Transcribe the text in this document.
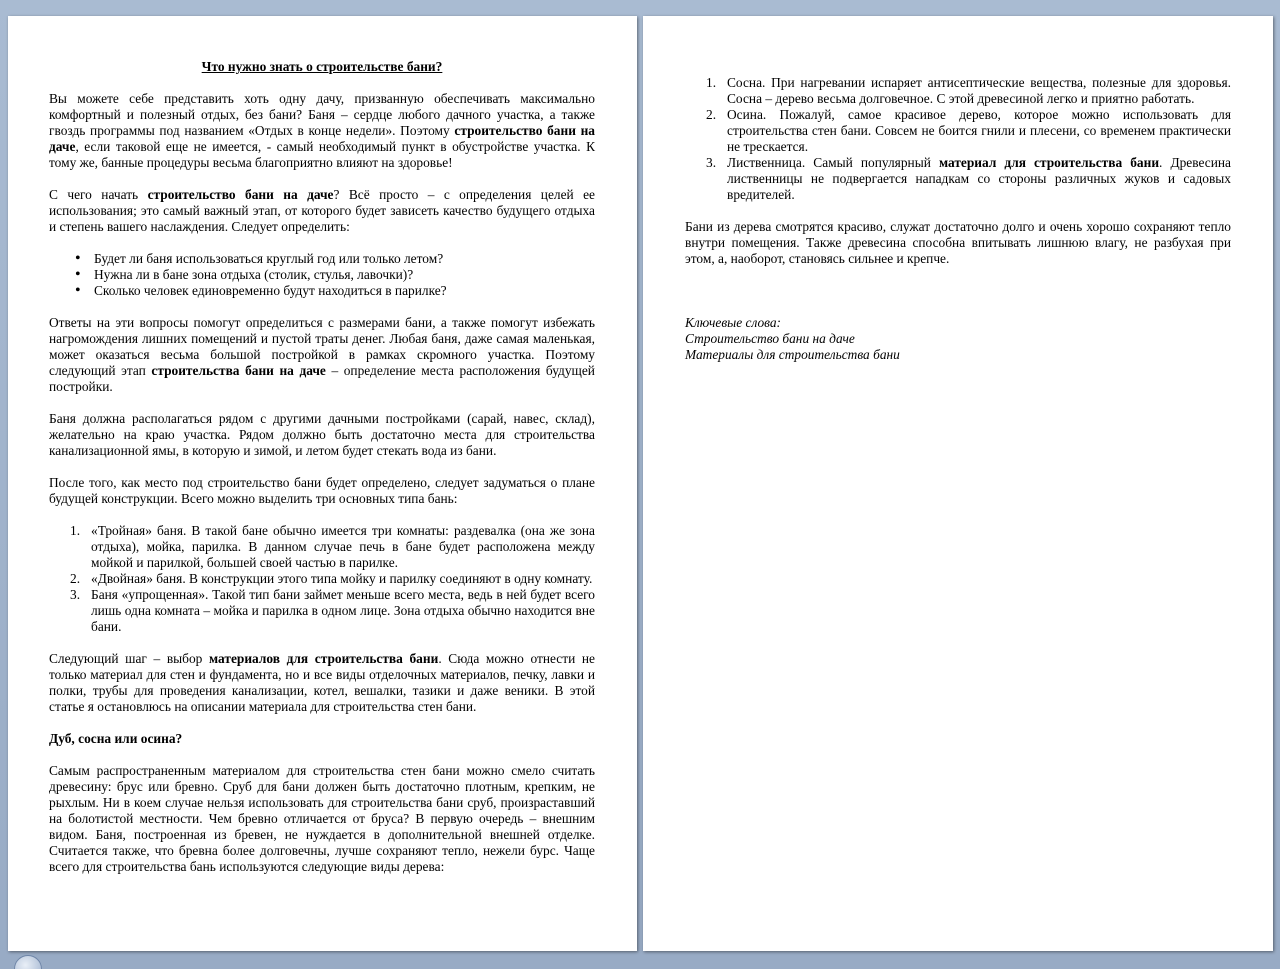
Что нужно знать о строительстве бани?

Вы можете себе представить хоть одну дачу, призванную обеспечивать максимально комфортный и полезный отдых, без бани? Баня – сердце любого дачного участка, а также гвоздь программы под названием «Отдых в конце недели». Поэтому строительство бани на даче, если таковой еще не имеется, - самый необходимый пункт в обустройстве участка. К тому же, банные процедуры весьма благоприятно влияют на здоровье!

С чего начать строительство бани на даче? Всё просто – с определения целей ее использования; это самый важный этап, от которого будет зависеть качество будущего отдыха и степень вашего наслаждения. Следует определить:

• Будет ли баня использоваться круглый год или только летом?
• Нужна ли в бане зона отдыха (столик, стулья, лавочки)?
• Сколько человек единовременно будут находиться в парилке?

Ответы на эти вопросы помогут определиться с размерами бани, а также помогут избежать нагромождения лишних помещений и пустой траты денег. Любая баня, даже самая маленькая, может оказаться весьма большой постройкой в рамках скромного участка. Поэтому следующий этап строительства бани на даче – определение места расположения будущей постройки.

Баня должна располагаться рядом с другими дачными постройками (сарай, навес, склад), желательно на краю участка. Рядом должно быть достаточно места для строительства канализационной ямы, в которую и зимой, и летом будет стекать вода из бани.

После того, как место под строительство бани будет определено, следует задуматься о плане будущей конструкции. Всего можно выделить три основных типа бань:

1. «Тройная» баня. В такой бане обычно имеется три комнаты: раздевалка (она же зона отдыха), мойка, парилка. В данном случае печь в бане будет расположена между мойкой и парилкой, большей своей частью в парилке.
2. «Двойная» баня. В конструкции этого типа мойку и парилку соединяют в одну комнату.
3. Баня «упрощенная». Такой тип бани займет меньше всего места, ведь в ней будет всего лишь одна комната – мойка и парилка в одном лице. Зона отдыха обычно находится вне бани.

Следующий шаг – выбор материалов для строительства бани. Сюда можно отнести не только материал для стен и фундамента, но и все виды отделочных материалов, печку, лавки и полки, трубы для проведения канализации, котел, вешалки, тазики и даже веники. В этой статье я остановлюсь на описании материала для строительства стен бани.

Дуб, сосна или осина?

Самым распространенным материалом для строительства стен бани можно смело считать древесину: брус или бревно. Сруб для бани должен быть достаточно плотным, крепким, не рыхлым. Ни в коем случае нельзя использовать для строительства бани сруб, произраставший на болотистой местности. Чем бревно отличается от бруса? В первую очередь – внешним видом. Баня, построенная из бревен, не нуждается в дополнительной внешней отделке. Считается также, что бревна более долговечны, лучше сохраняют тепло, нежели бурс. Чаще всего для строительства бань используются следующие виды дерева:

1. Сосна. При нагревании испаряет антисептические вещества, полезные для здоровья. Сосна – дерево весьма долговечное. С этой древесиной легко и приятно работать.
2. Осина. Пожалуй, самое красивое дерево, которое можно использовать для строительства стен бани. Совсем не боится гнили и плесени, со временем практически не трескается.
3. Лиственница. Самый популярный материал для строительства бани. Древесина лиственницы не подвергается нападкам со стороны различных жуков и садовых вредителей.

Бани из дерева смотрятся красиво, служат достаточно долго и очень хорошо сохраняют тепло внутри помещения. Также древесина способна впитывать лишнюю влагу, не разбухая при этом, а, наоборот, становясь сильнее и крепче.

Ключевые слова:
Строительство бани на даче
Материалы для строительства бани
